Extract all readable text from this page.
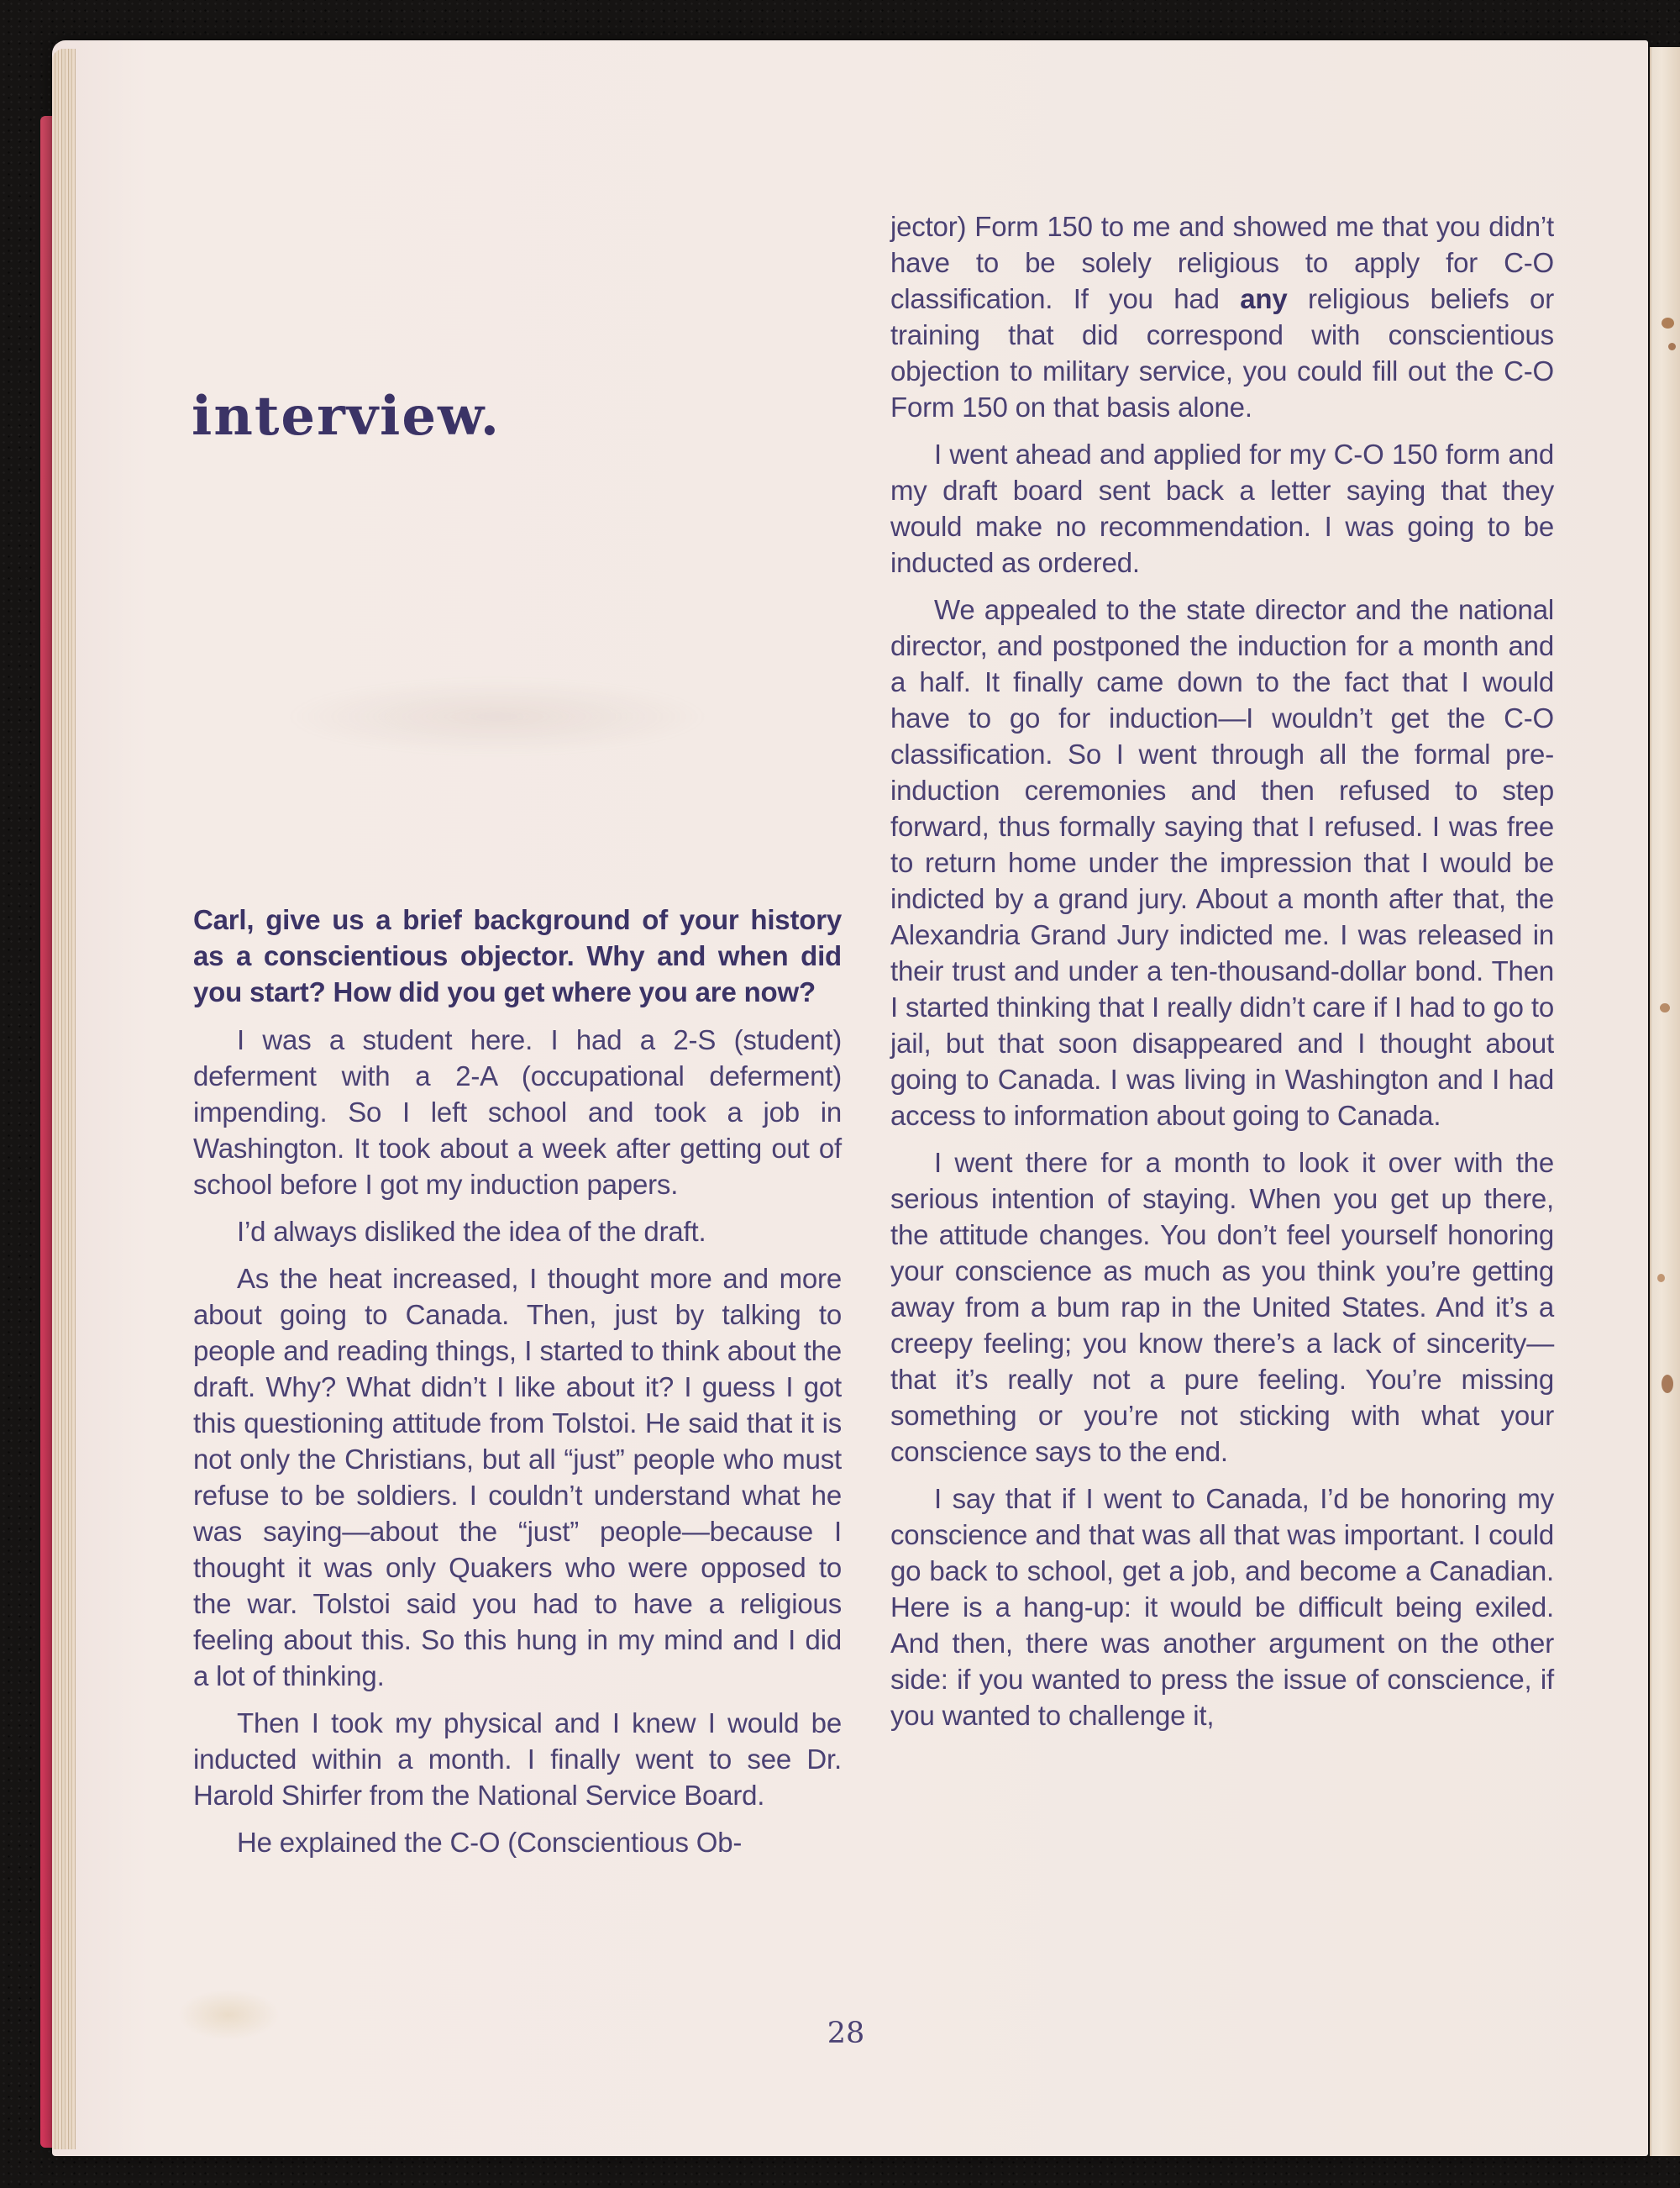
interview.

Carl, give us a brief background of your history as a conscientious objector. Why and when did you start? How did you get where you are now?

I was a student here. I had a 2-S (student) deferment with a 2-A (occupational deferment) impending. So I left school and took a job in Washington. It took about a week after getting out of school before I got my induction papers.

I’d always disliked the idea of the draft.

As the heat increased, I thought more and more about going to Canada. Then, just by talking to people and reading things, I started to think about the draft. Why? What didn’t I like about it? I guess I got this questioning attitude from Tolstoi. He said that it is not only the Christians, but all “just” people who must refuse to be soldiers. I couldn’t understand what he was saying—about the “just” people—because I thought it was only Quakers who were opposed to the war. Tolstoi said you had to have a religious feeling about this. So this hung in my mind and I did a lot of thinking.

Then I took my physical and I knew I would be inducted within a month. I finally went to see Dr. Harold Shirfer from the National Service Board.

He explained the C-O (Conscientious Ob-

jector) Form 150 to me and showed me that you didn’t have to be solely religious to apply for C-O classification. If you had any religious beliefs or training that did correspond with conscientious objection to military service, you could fill out the C-O Form 150 on that basis alone.

I went ahead and applied for my C-O 150 form and my draft board sent back a letter saying that they would make no recommendation. I was going to be inducted as ordered.

We appealed to the state director and the national director, and postponed the induction for a month and a half. It finally came down to the fact that I would have to go for induction—I wouldn’t get the C-O classification. So I went through all the formal pre-induction ceremonies and then refused to step forward, thus formally saying that I refused. I was free to return home under the impression that I would be indicted by a grand jury. About a month after that, the Alexandria Grand Jury indicted me. I was released in their trust and under a ten-thousand-dollar bond. Then I started thinking that I really didn’t care if I had to go to jail, but that soon disappeared and I thought about going to Canada. I was living in Washington and I had access to information about going to Canada.

I went there for a month to look it over with the serious intention of staying. When you get up there, the attitude changes. You don’t feel yourself honoring your conscience as much as you think you’re getting away from a bum rap in the United States. And it’s a creepy feeling; you know there’s a lack of sincerity—that it’s really not a pure feeling. You’re missing something or you’re not sticking with what your conscience says to the end.

I say that if I went to Canada, I’d be honoring my conscience and that was all that was important. I could go back to school, get a job, and become a Canadian. Here is a hang-up: it would be difficult being exiled. And then, there was another argument on the other side: if you wanted to press the issue of conscience, if you wanted to challenge it,

28
